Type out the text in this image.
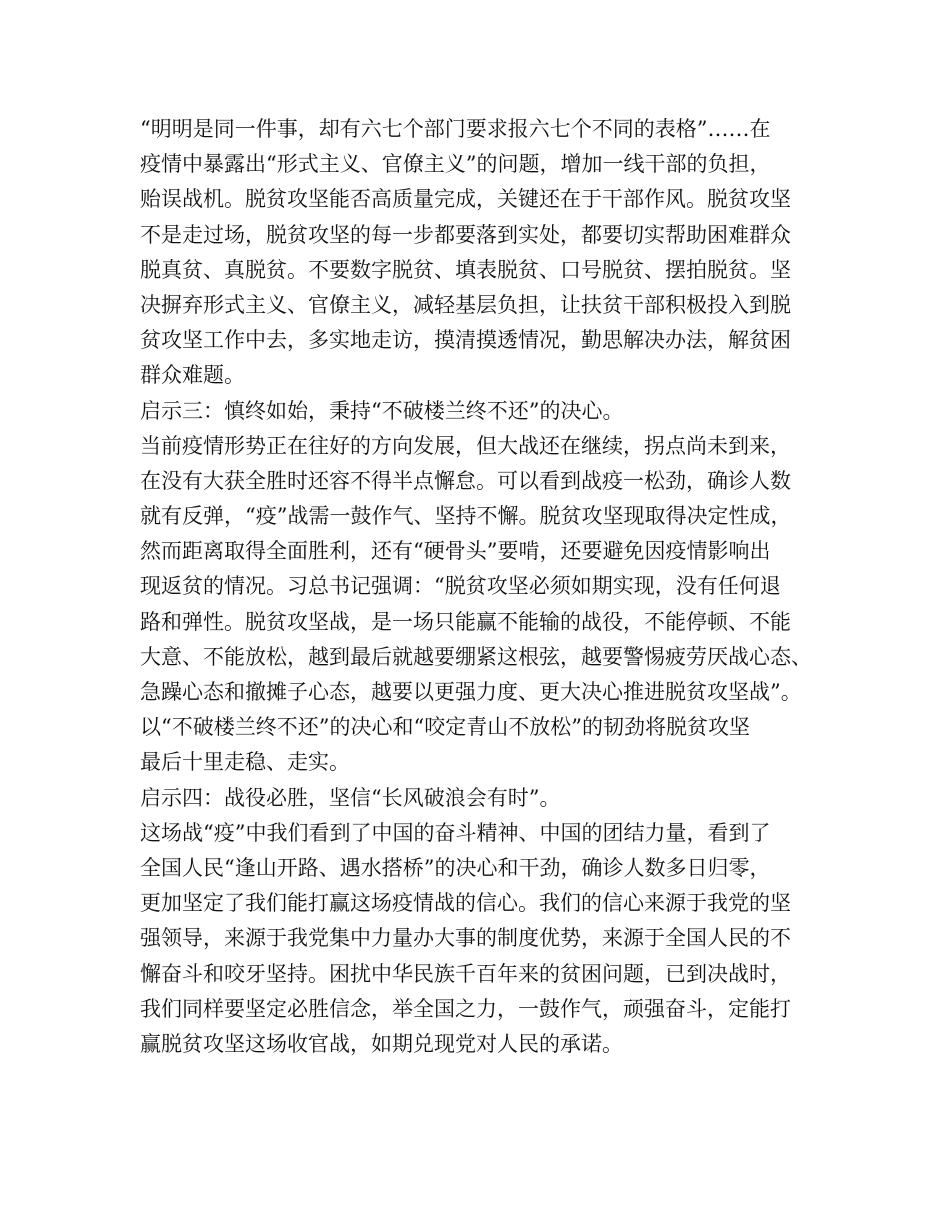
“明明是同一件事，却有六七个部门要求报六七个不同的表格”……在
疫情中暴露出“形式主义、官僚主义”的问题，增加一线干部的负担，
贻误战机。脱贫攻坚能否高质量完成，关键还在于干部作风。脱贫攻坚
不是走过场，脱贫攻坚的每一步都要落到实处，都要切实帮助困难群众
脱真贫、真脱贫。不要数字脱贫、填表脱贫、口号脱贫、摆拍脱贫。坚
决摒弃形式主义、官僚主义，减轻基层负担，让扶贫干部积极投入到脱
贫攻坚工作中去，多实地走访，摸清摸透情况，勤思解决办法，解贫困
群众难题。
启示三：慎终如始，秉持“不破楼兰终不还”的决心。
当前疫情形势正在往好的方向发展，但大战还在继续，拐点尚未到来，
在没有大获全胜时还容不得半点懈怠。可以看到战疫一松劲，确诊人数
就有反弹，“疫”战需一鼓作气、坚持不懈。脱贫攻坚现取得决定性成，
然而距离取得全面胜利，还有“硬骨头”要啃，还要避免因疫情影响出
现返贫的情况。习总书记强调：“脱贫攻坚必须如期实现，没有任何退
路和弹性。脱贫攻坚战，是一场只能赢不能输的战役，不能停顿、不能
大意、不能放松，越到最后就越要绷紧这根弦，越要警惕疲劳厌战心态、
急躁心态和撤摊子心态，越要以更强力度、更大决心推进脱贫攻坚战”。
以“不破楼兰终不还”的决心和“咬定青山不放松”的韧劲将脱贫攻坚
最后十里走稳、走实。
启示四：战役必胜，坚信“长风破浪会有时”。
这场战“疫”中我们看到了中国的奋斗精神、中国的团结力量，看到了
全国人民“逢山开路、遇水搭桥”的决心和干劲，确诊人数多日归零，
更加坚定了我们能打赢这场疫情战的信心。我们的信心来源于我党的坚
强领导，来源于我党集中力量办大事的制度优势，来源于全国人民的不
懈奋斗和咬牙坚持。困扰中华民族千百年来的贫困问题，已到决战时，
我们同样要坚定必胜信念，举全国之力，一鼓作气，顽强奋斗，定能打
赢脱贫攻坚这场收官战，如期兑现党对人民的承诺。
